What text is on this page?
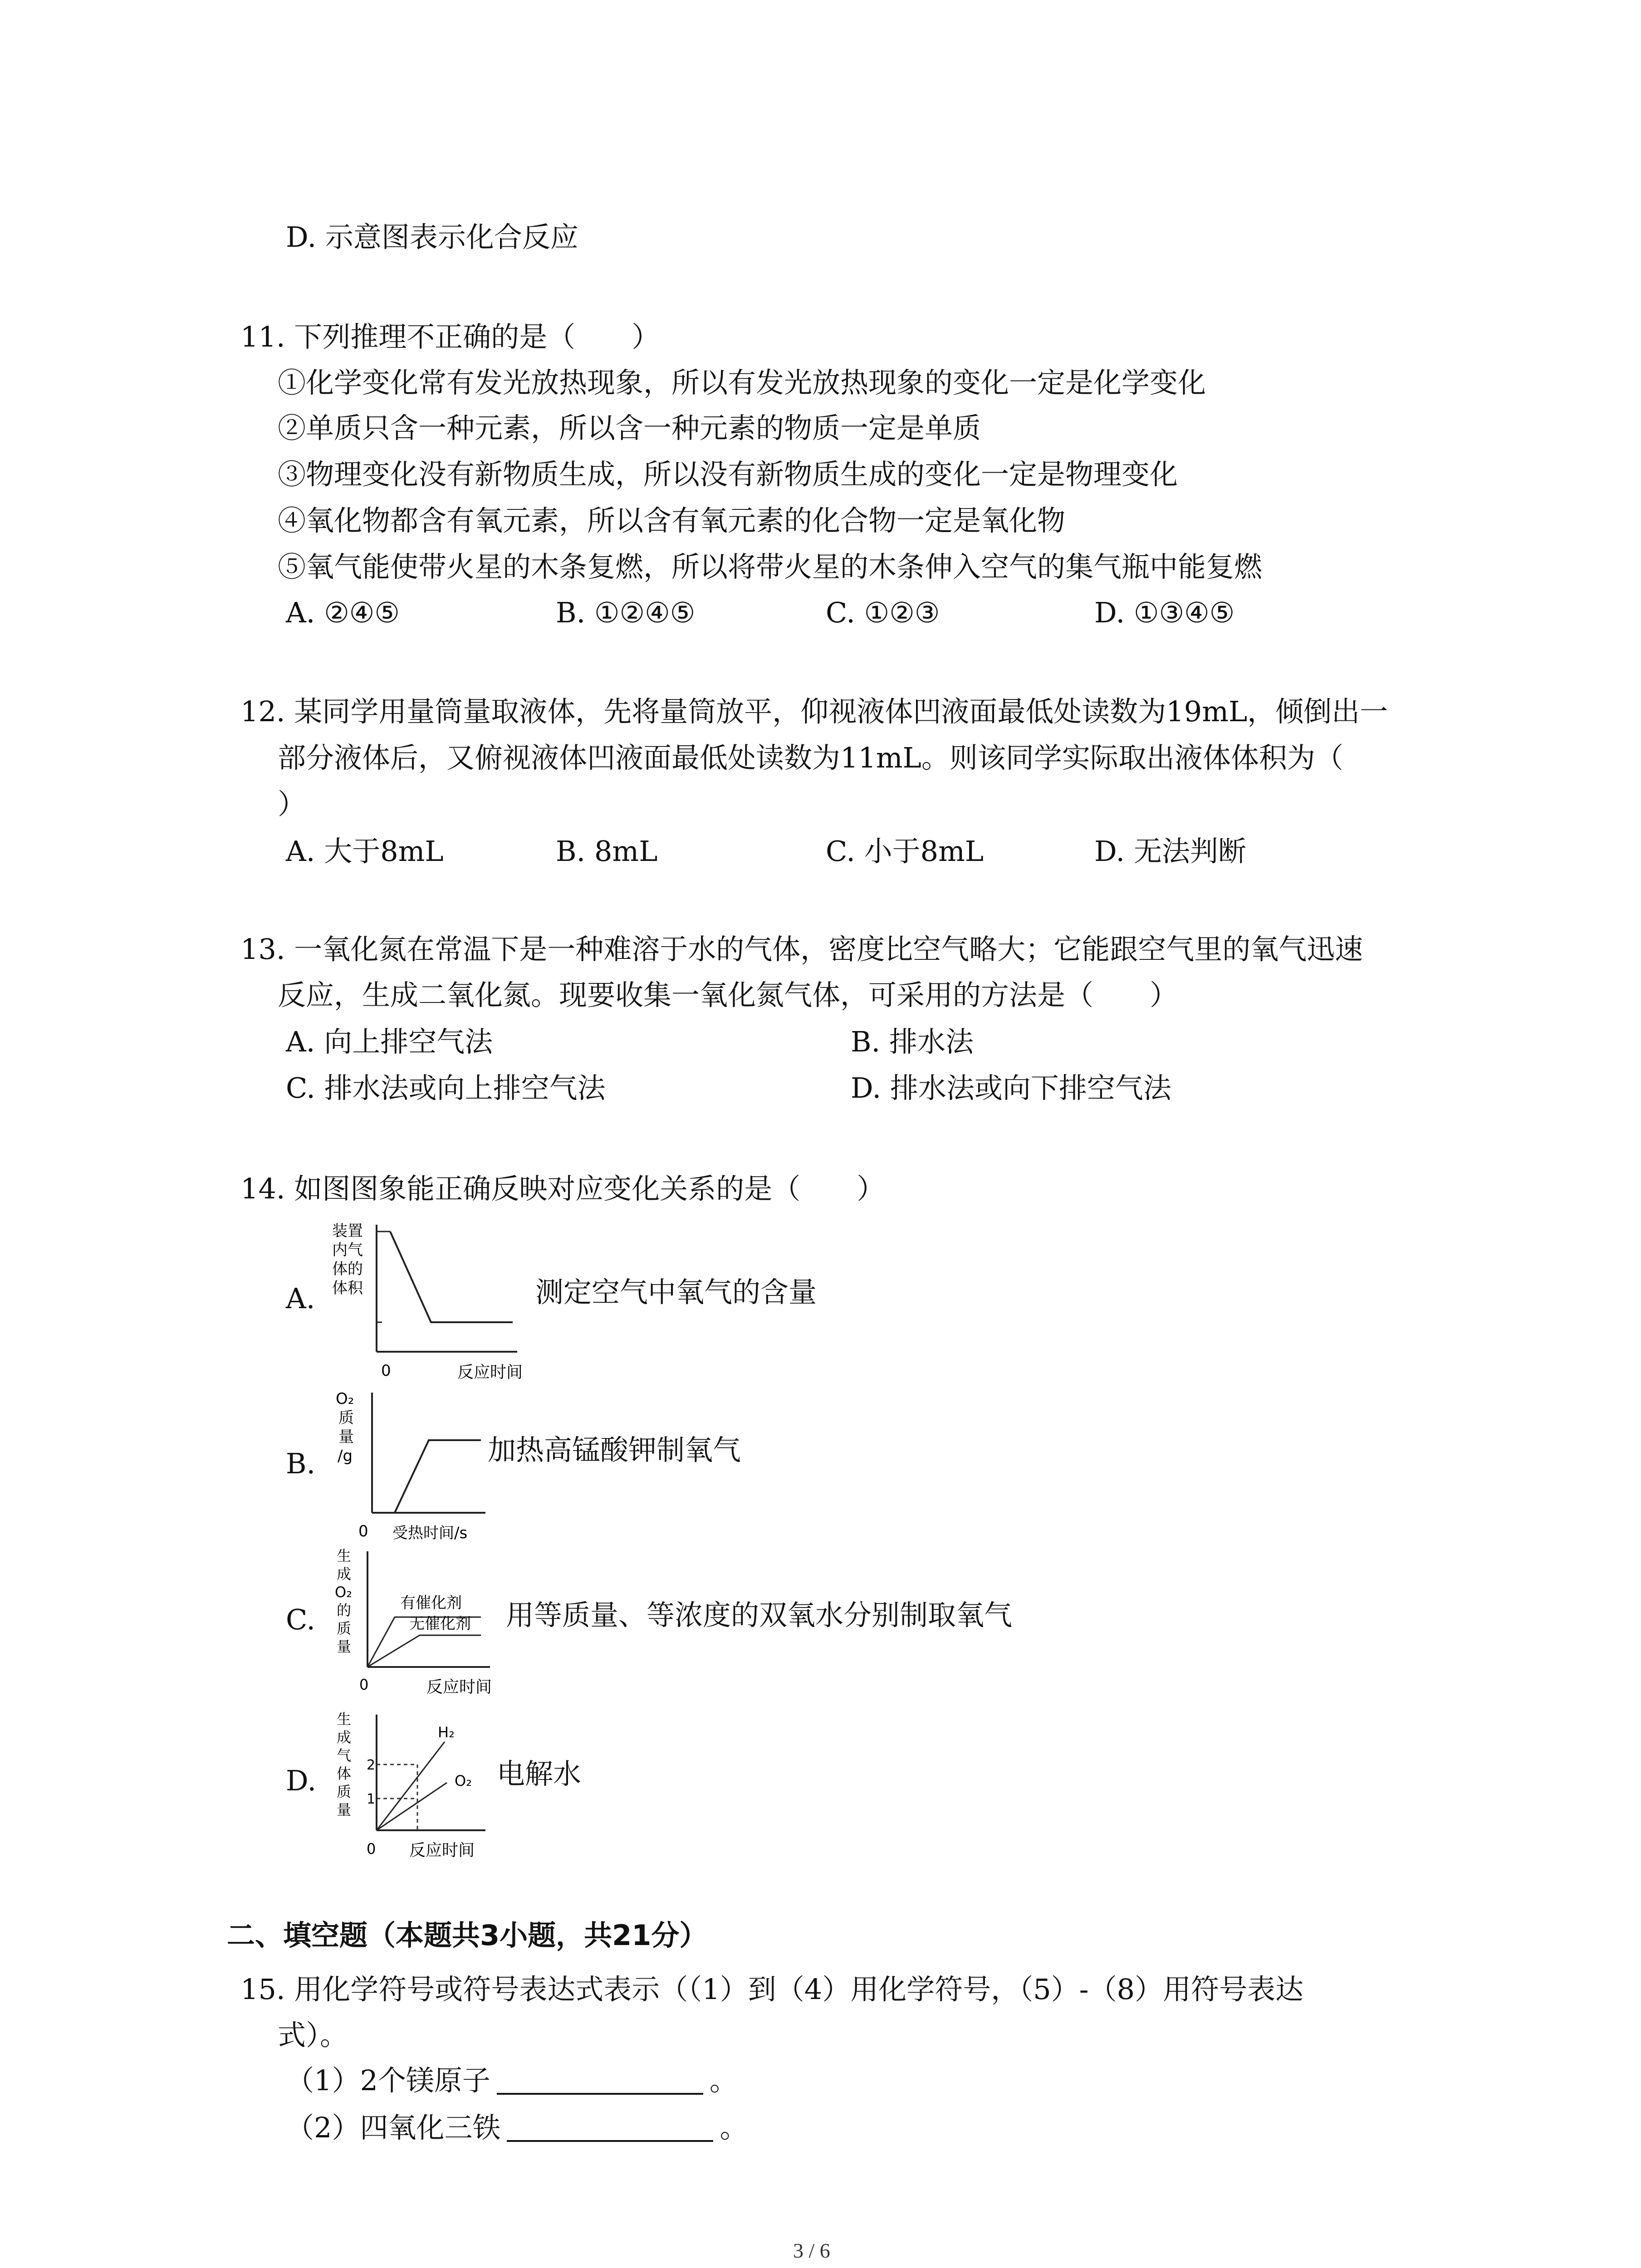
D. 示意图表示化合反应
11. 下列推理不正确的是（　　）
①化学变化常有发光放热现象，所以有发光放热现象的变化一定是化学变化
②单质只含一种元素，所以含一种元素的物质一定是单质
③物理变化没有新物质生成，所以没有新物质生成的变化一定是物理变化
④氧化物都含有氧元素，所以含有氧元素的化合物一定是氧化物
⑤氧气能使带火星的木条复燃，所以将带火星的木条伸入空气的集气瓶中能复燃
A. ②④⑤	B. ①②④⑤	C. ①②③	D. ①③④⑤
12. 某同学用量筒量取液体，先将量筒放平，仰视液体凹液面最低处读数为19mL，倾倒出一
部分液体后，又俯视液体凹液面最低处读数为11mL。则该同学实际取出液体体积为（
）
A. 大于8mL	B. 8mL	C. 小于8mL	D. 无法判断
13. 一氧化氮在常温下是一种难溶于水的气体，密度比空气略大；它能跟空气里的氧气迅速
反应，生成二氧化氮。现要收集一氧化氮气体，可采用的方法是（　　）
A. 向上排空气法	B. 排水法
C. 排水法或向上排空气法	D. 排水法或向下排空气法
14. 如图图象能正确反映对应变化关系的是（　　）
A.
装置
内气
体的
体积
0	反应时间
测定空气中氧气的含量
B.
O₂
质
量
/g
0 受热时间/s
加热高锰酸钾制氧气
C.
生
成
O₂
的
质
量
有催化剂
无催化剂
0	反应时间
用等质量、等浓度的双氧水分别制取氧气
D.
生
成
气
体
质
量
2
1
H₂
O₂
0 反应时间
电解水
二、填空题（本题共3小题，共21分）
15. 用化学符号或符号表达式表示（（1）到（4）用化学符号，（5）-（8）用符号表达
式）。
（1）2个镁原子	。
（2）四氧化三铁	。
3 / 6
